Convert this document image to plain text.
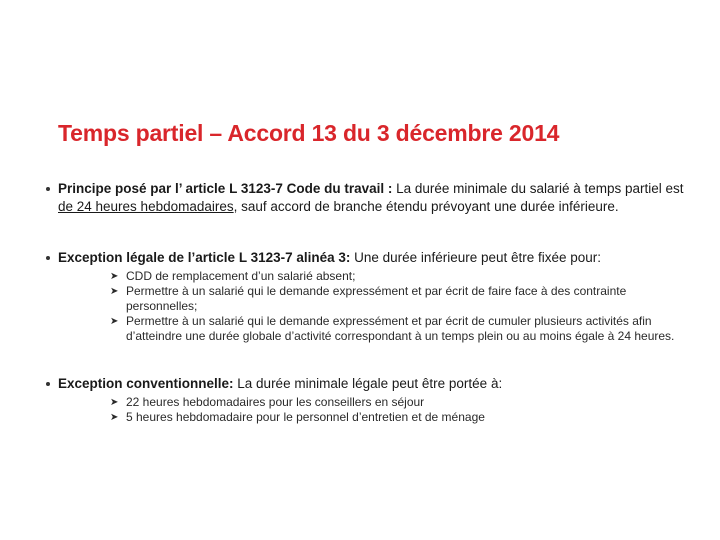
Temps partiel – Accord 13 du 3 décembre 2014
Principe posé par l’ article L 3123-7 Code du travail : La durée minimale du salarié à temps partiel est de 24 heures hebdomadaires, sauf accord de branche étendu prévoyant une durée inférieure.
Exception légale de l’article L 3123-7 alinéa 3: Une durée inférieure peut être fixée pour:
➤ CDD de remplacement d’un salarié absent;
➤ Permettre à un salarié qui le demande expressément et par écrit de faire face à des contrainte personnelles;
➤ Permettre à un salarié qui le demande expressément et par écrit de cumuler plusieurs activités afin d’atteindre une durée globale d’activité correspondant à un temps plein ou au moins égale à 24 heures.
Exception conventionnelle: La durée minimale légale peut être portée à:
➤ 22 heures hebdomadaires pour les conseillers en séjour
➤ 5 heures hebdomadaire pour le personnel d’entretien et de ménage
